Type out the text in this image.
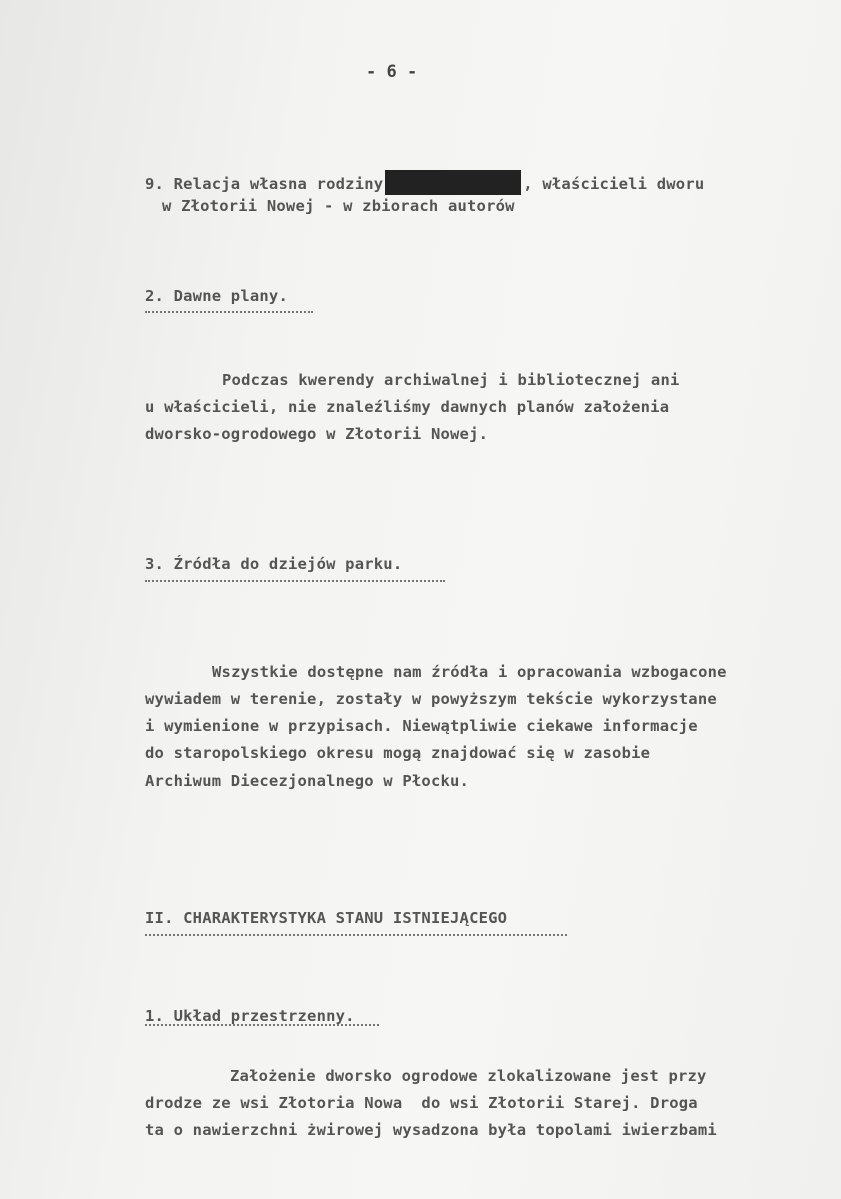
- 6 -
9. Relacja własna rodziny	, właścicieli dworu
w Złotorii Nowej - w zbiorach autorów
2. Dawne plany.
Podczas kwerendy archiwalnej i bibliotecznej ani
u właścicieli, nie znaleźliśmy dawnych planów założenia
dworsko-ogrodowego w Złotorii Nowej.
3. Źródła do dziejów parku.
Wszystkie dostępne nam źródła i opracowania wzbogacone
wywiadem w terenie, zostały w powyższym tekście wykorzystane
i wymienione w przypisach. Niewątpliwie ciekawe informacje
do staropolskiego okresu mogą znajdować się w zasobie
Archiwum Diecezjonalnego w Płocku.
II. CHARAKTERYSTYKA STANU ISTNIEJĄCEGO
1. Układ przestrzenny.
Założenie dworsko ogrodowe zlokalizowane jest przy
drodze ze wsi Złotoria Nowa  do wsi Złotorii Starej. Droga
ta o nawierzchni żwirowej wysadzona była topolami iwierzbami
